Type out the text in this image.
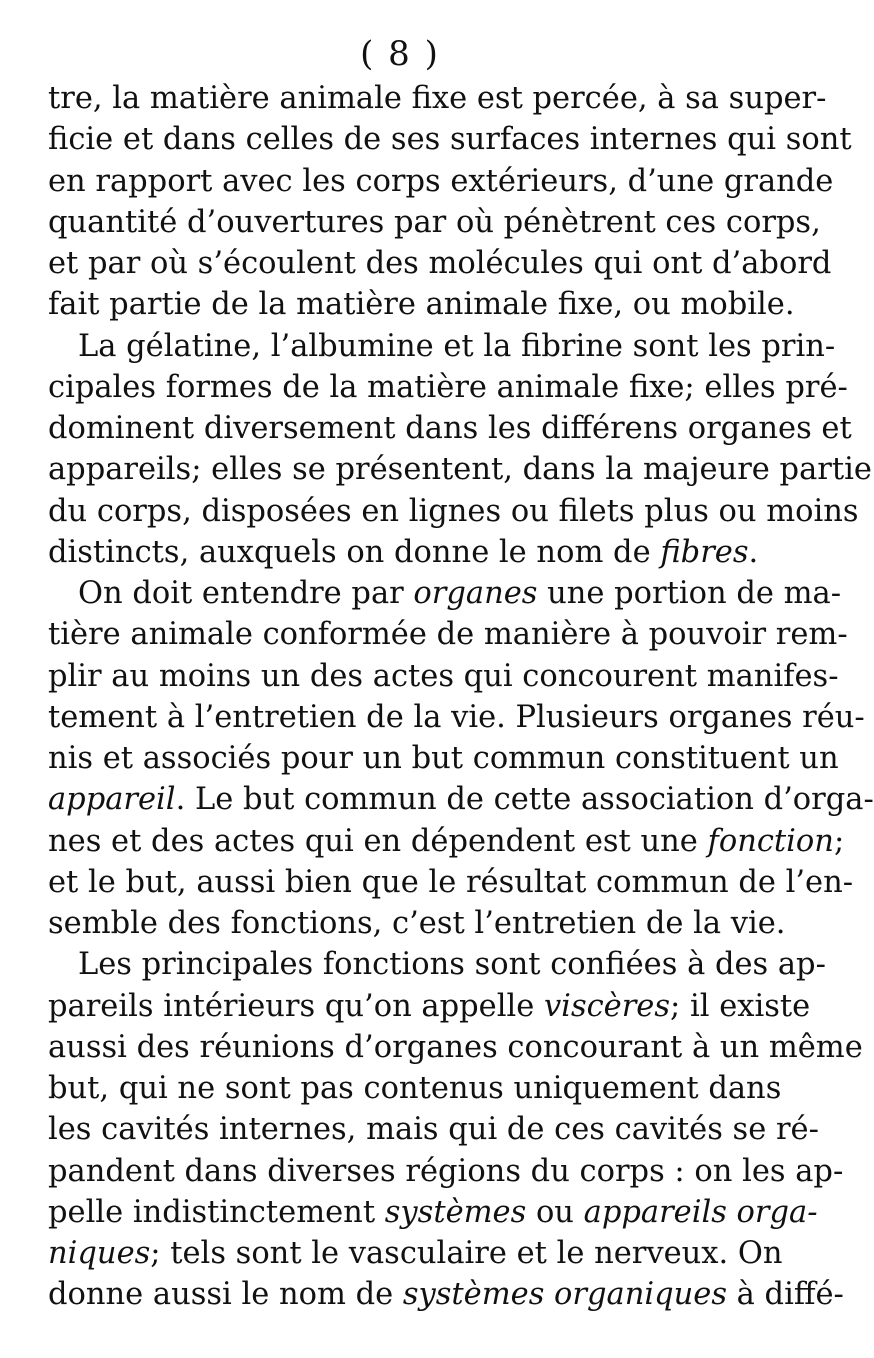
( 8 )
tre, la matière animale fixe est percée, à sa super-
ficie et dans celles de ses surfaces internes qui sont
en rapport avec les corps extérieurs, d’une grande
quantité d’ouvertures par où pénètrent ces corps,
et par où s’écoulent des molécules qui ont d’abord
fait partie de la matière animale fixe, ou mobile.
La gélatine, l’albumine et la fibrine sont les prin-
cipales formes de la matière animale fixe; elles pré-
dominent diversement dans les différens organes et
appareils; elles se présentent, dans la majeure partie
du corps, disposées en lignes ou filets plus ou moins
distincts, auxquels on donne le nom de fibres.
On doit entendre par organes une portion de ma-
tière animale conformée de manière à pouvoir rem-
plir au moins un des actes qui concourent manifes-
tement à l’entretien de la vie. Plusieurs organes réu-
nis et associés pour un but commun constituent un
appareil. Le but commun de cette association d’orga-
nes et des actes qui en dépendent est une fonction;
et le but, aussi bien que le résultat commun de l’en-
semble des fonctions, c’est l’entretien de la vie.
Les principales fonctions sont confiées à des ap-
pareils intérieurs qu’on appelle viscères; il existe
aussi des réunions d’organes concourant à un même
but, qui ne sont pas contenus uniquement dans
les cavités internes, mais qui de ces cavités se ré-
pandent dans diverses régions du corps : on les ap-
pelle indistinctement systèmes ou appareils orga-
niques; tels sont le vasculaire et le nerveux. On
donne aussi le nom de systèmes organiques à diffé-
